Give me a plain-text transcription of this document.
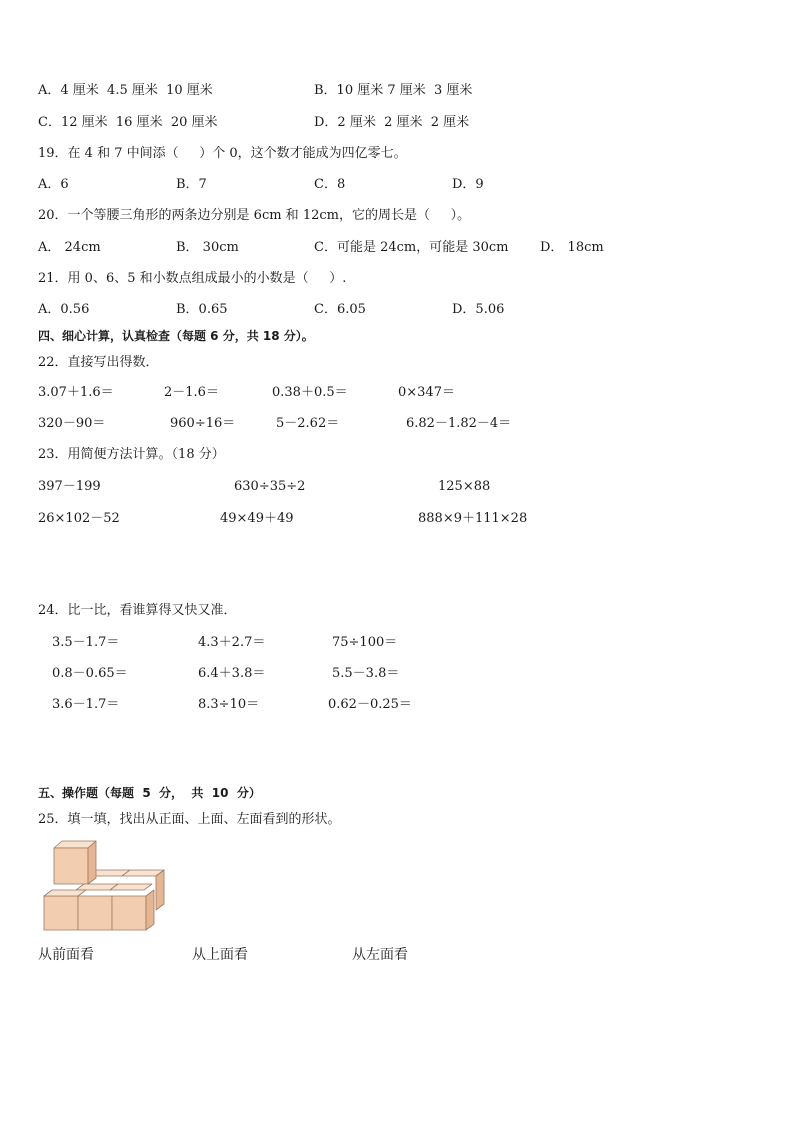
A．4 厘米  4.5 厘米  10 厘米	B．10 厘米 7 厘米  3 厘米
C．12 厘米  16 厘米  20 厘米	D．2 厘米  2 厘米  2 厘米
19．在 4 和 7 中间添（     ）个 0，这个数才能成为四亿零七。
A．6	B．7	C．8	D．9
20．一个等腰三角形的两条边分别是 6cm 和 12cm，它的周长是（     ）。
A． 24cm	B． 30cm	C．可能是 24cm，可能是 30cm D． 18cm
21．用 0、6、5 和小数点组成最小的小数是（     ）.
A．0.56	B．0.65	C．6.05	D．5.06
四、细心计算，认真检查（每题 6 分，共 18 分）。
22．直接写出得数．
3.07＋1.6＝	2－1.6＝	0.38＋0.5＝	0×347＝
320－90＝	960÷16＝	5－2.62＝	6.82－1.82－4＝
23．用简便方法计算。（18 分）
397－199	630÷35÷2	125×88
26×102－52	49×49＋49	888×9＋111×28
24．比一比，看谁算得又快又准．
3.5－1.7＝	4.3＋2.7＝	75÷100＝
0.8－0.65＝	6.4＋3.8＝	5.5－3.8＝
3.6－1.7＝	8.3÷10＝	0.62－0.25＝
五、操作题（每题  5  分，  共  10  分）
25．填一填，找出从正面、上面、左面看到的形状。
从前面看	从上面看	从左面看
